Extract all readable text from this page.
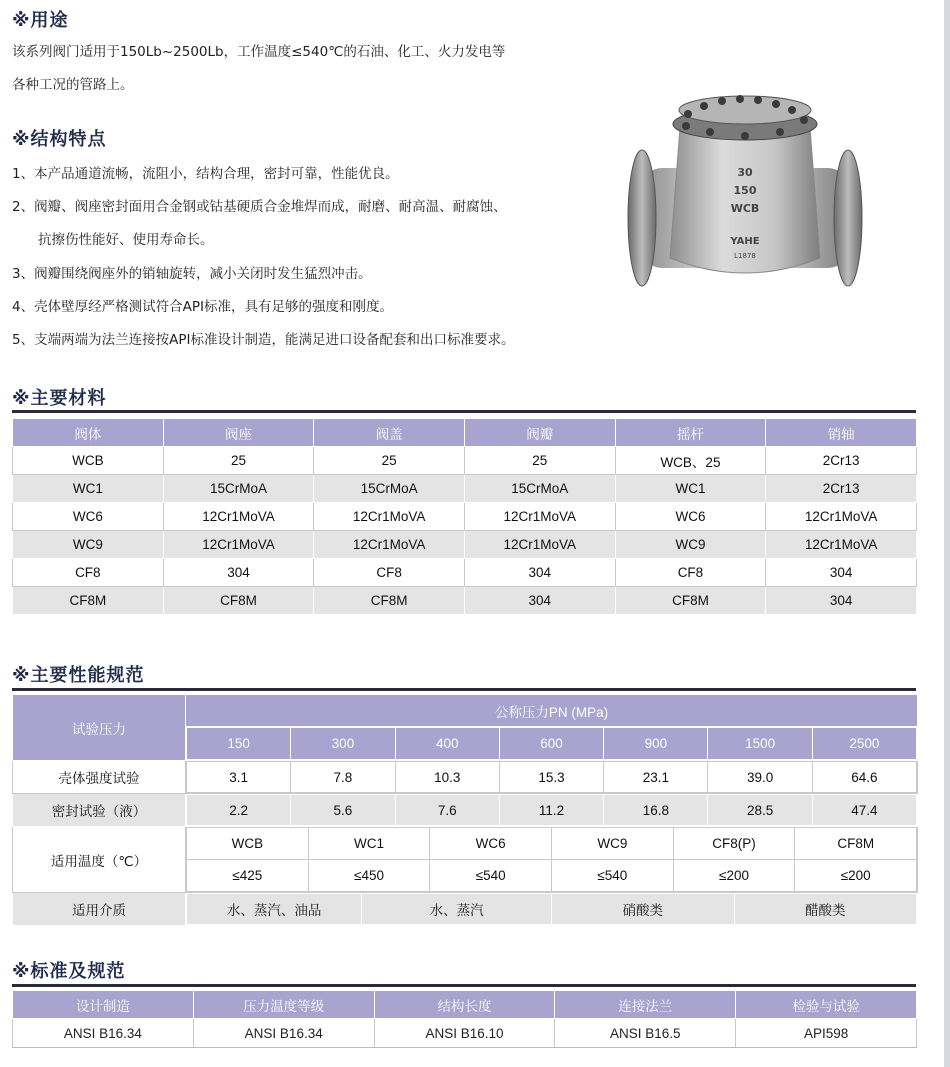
※用途
该系列阀门适用于150Lb~2500Lb，工作温度≤540℃的石油、化工、火力发电等
各种工况的管路上。
※结构特点
1、本产品通道流畅，流阻小，结构合理，密封可靠，性能优良。
2、阀瓣、阀座密封面用合金钢或钴基硬质合金堆焊而成，耐磨、耐高温、耐腐蚀、
抗擦伤性能好、使用寿命长。
3、阀瓣围绕阀座外的销轴旋转，减小关闭时发生猛烈冲击。
4、壳体壁厚经严格测试符合API标准，具有足够的强度和刚度。
5、支端两端为法兰连接按API标准设计制造，能满足进口设备配套和出口标准要求。
30
150
WCB
YAHE
L1878
※主要材料
阀体	阀座	阀盖	阀瓣	摇杆	销轴
WCB	25	25	25	WCB、25	2Cr13
WC1	15CrMoA	15CrMoA	15CrMoA	WC1	2Cr13
WC6	12Cr1MoVA	12Cr1MoVA	12Cr1MoVA	WC6	12Cr1MoVA
WC9	12Cr1MoVA	12Cr1MoVA	12Cr1MoVA	WC9	12Cr1MoVA
CF8	304	CF8	304	CF8	304
CF8M	CF8M	CF8M	304	CF8M	304
※主要性能规范
试验压力	公称压力PN (MPa)

150	300	400	600	900	1500	2500

壳体强度试验		3.1	7.8	10.3	15.3	23.1	39.0	64.6

密封试验（液）		2.2	5.6	7.6	11.2	16.8	28.5	47.4

适用温度（℃）	
WCB	WC1	WC6	WC9	CF8(P)	CF8M
≤425	≤450	≤540	≤540	≤200	≤200

适用介质		水、蒸汽、油品	水、蒸汽	硝酸类	醋酸类
※标准及规范
设计制造	压力温度等级	结构长度	连接法兰	检验与试验
ANSI B16.34	ANSI B16.34	ANSI B16.10	ANSI B16.5	API598
